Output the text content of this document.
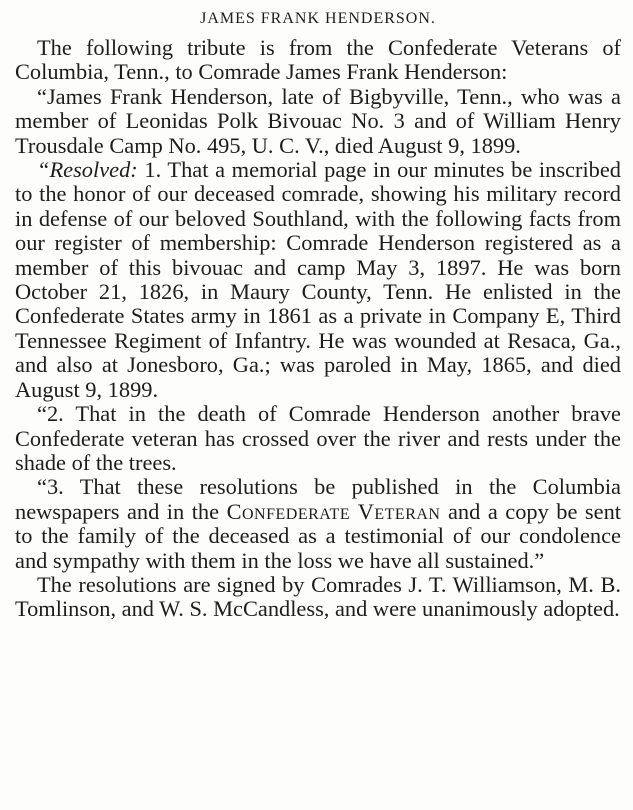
JAMES FRANK HENDERSON.

The following tribute is from the Confederate Veterans of Columbia, Tenn., to Comrade James Frank Henderson:

“James Frank Henderson, late of Bigbyville, Tenn., who was a member of Leonidas Polk Bivouac No. 3 and of William Henry Trousdale Camp No. 495, U. C. V., died August 9, 1899.

“Resolved: 1. That a memorial page in our minutes be inscribed to the honor of our deceased comrade, showing his military record in defense of our beloved Southland, with the following facts from our register of membership: Comrade Henderson registered as a member of this bivouac and camp May 3, 1897. He was born October 21, 1826, in Maury County, Tenn. He enlisted in the Confederate States army in 1861 as a private in Company E, Third Tennessee Regiment of Infantry. He was wounded at Resaca, Ga., and also at Jonesboro, Ga.; was paroled in May, 1865, and died August 9, 1899.

“2. That in the death of Comrade Henderson another brave Confederate veteran has crossed over the river and rests under the shade of the trees.

“3. That these resolutions be published in the Columbia newspapers and in the Confederate Veteran and a copy be sent to the family of the deceased as a testimonial of our condolence and sympathy with them in the loss we have all sustained.”

The resolutions are signed by Comrades J. T. Williamson, M. B. Tomlinson, and W. S. McCandless, and were unanimously adopted.
